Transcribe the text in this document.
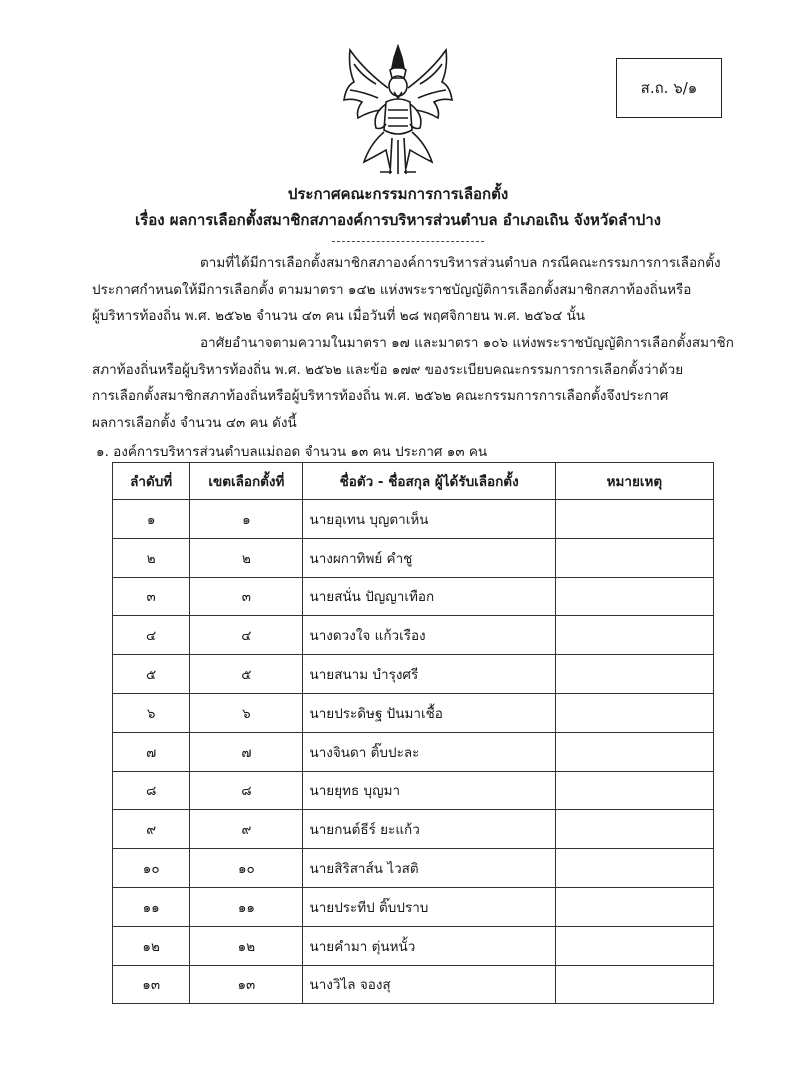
ส.ถ. ๖/๑
ประกาศคณะกรรมการการเลือกตั้ง
เรื่อง ผลการเลือกตั้งสมาชิกสภาองค์การบริหารส่วนตำบล อำเภอเถิน จังหวัดลำปาง
ตามที่ได้มีการเลือกตั้งสมาชิกสภาองค์การบริหารส่วนตำบล กรณีคณะกรรมการการเลือกตั้ง
ประกาศกำหนดให้มีการเลือกตั้ง ตามมาตรา ๑๔๒ แห่งพระราชบัญญัติการเลือกตั้งสมาชิกสภาท้องถิ่นหรือ
ผู้บริหารท้องถิ่น พ.ศ. ๒๕๖๒ จำนวน ๔๓ คน เมื่อวันที่ ๒๘ พฤศจิกายน พ.ศ. ๒๕๖๔ นั้น
อาศัยอำนาจตามความในมาตรา ๑๗ และมาตรา ๑๐๖ แห่งพระราชบัญญัติการเลือกตั้งสมาชิก
สภาท้องถิ่นหรือผู้บริหารท้องถิ่น พ.ศ. ๒๕๖๒ และข้อ ๑๗๙ ของระเบียบคณะกรรมการการเลือกตั้งว่าด้วย
การเลือกตั้งสมาชิกสภาท้องถิ่นหรือผู้บริหารท้องถิ่น พ.ศ. ๒๕๖๒ คณะกรรมการการเลือกตั้งจึงประกาศ
ผลการเลือกตั้ง จำนวน ๔๓ คน ดังนี้
๑. องค์การบริหารส่วนตำบลแม่ถอด จำนวน ๑๓ คน ประกาศ ๑๓ คน
ลำดับที่	เขตเลือกตั้งที่	ชื่อตัว - ชื่อสกุล ผู้ได้รับเลือกตั้ง	หมายเหตุ
๑	๑	นายอุเทน บุญตาเห็น	
๒	๒	นางผกาทิพย์ คำชู	
๓	๓	นายสนั่น ปัญญาเทือก	
๔	๔	นางดวงใจ แก้วเรือง	
๕	๕	นายสนาม บำรุงศรี	
๖	๖	นายประดิษฐ ปันมาเชื้อ	
๗	๗	นางจินดา ติ๊บปะละ	
๘	๘	นายยุทธ บุญมา	
๙	๙	นายกนต์ธีร์ ยะแก้ว	
๑๐	๑๐	นายสิริสาส์น ไวสติ	
๑๑	๑๑	นายประทีป ติ๊บปราบ	
๑๒	๑๒	นายคำมา ตุ่นหนั้ว	
๑๓	๑๓	นางวิไล จองสุ	
